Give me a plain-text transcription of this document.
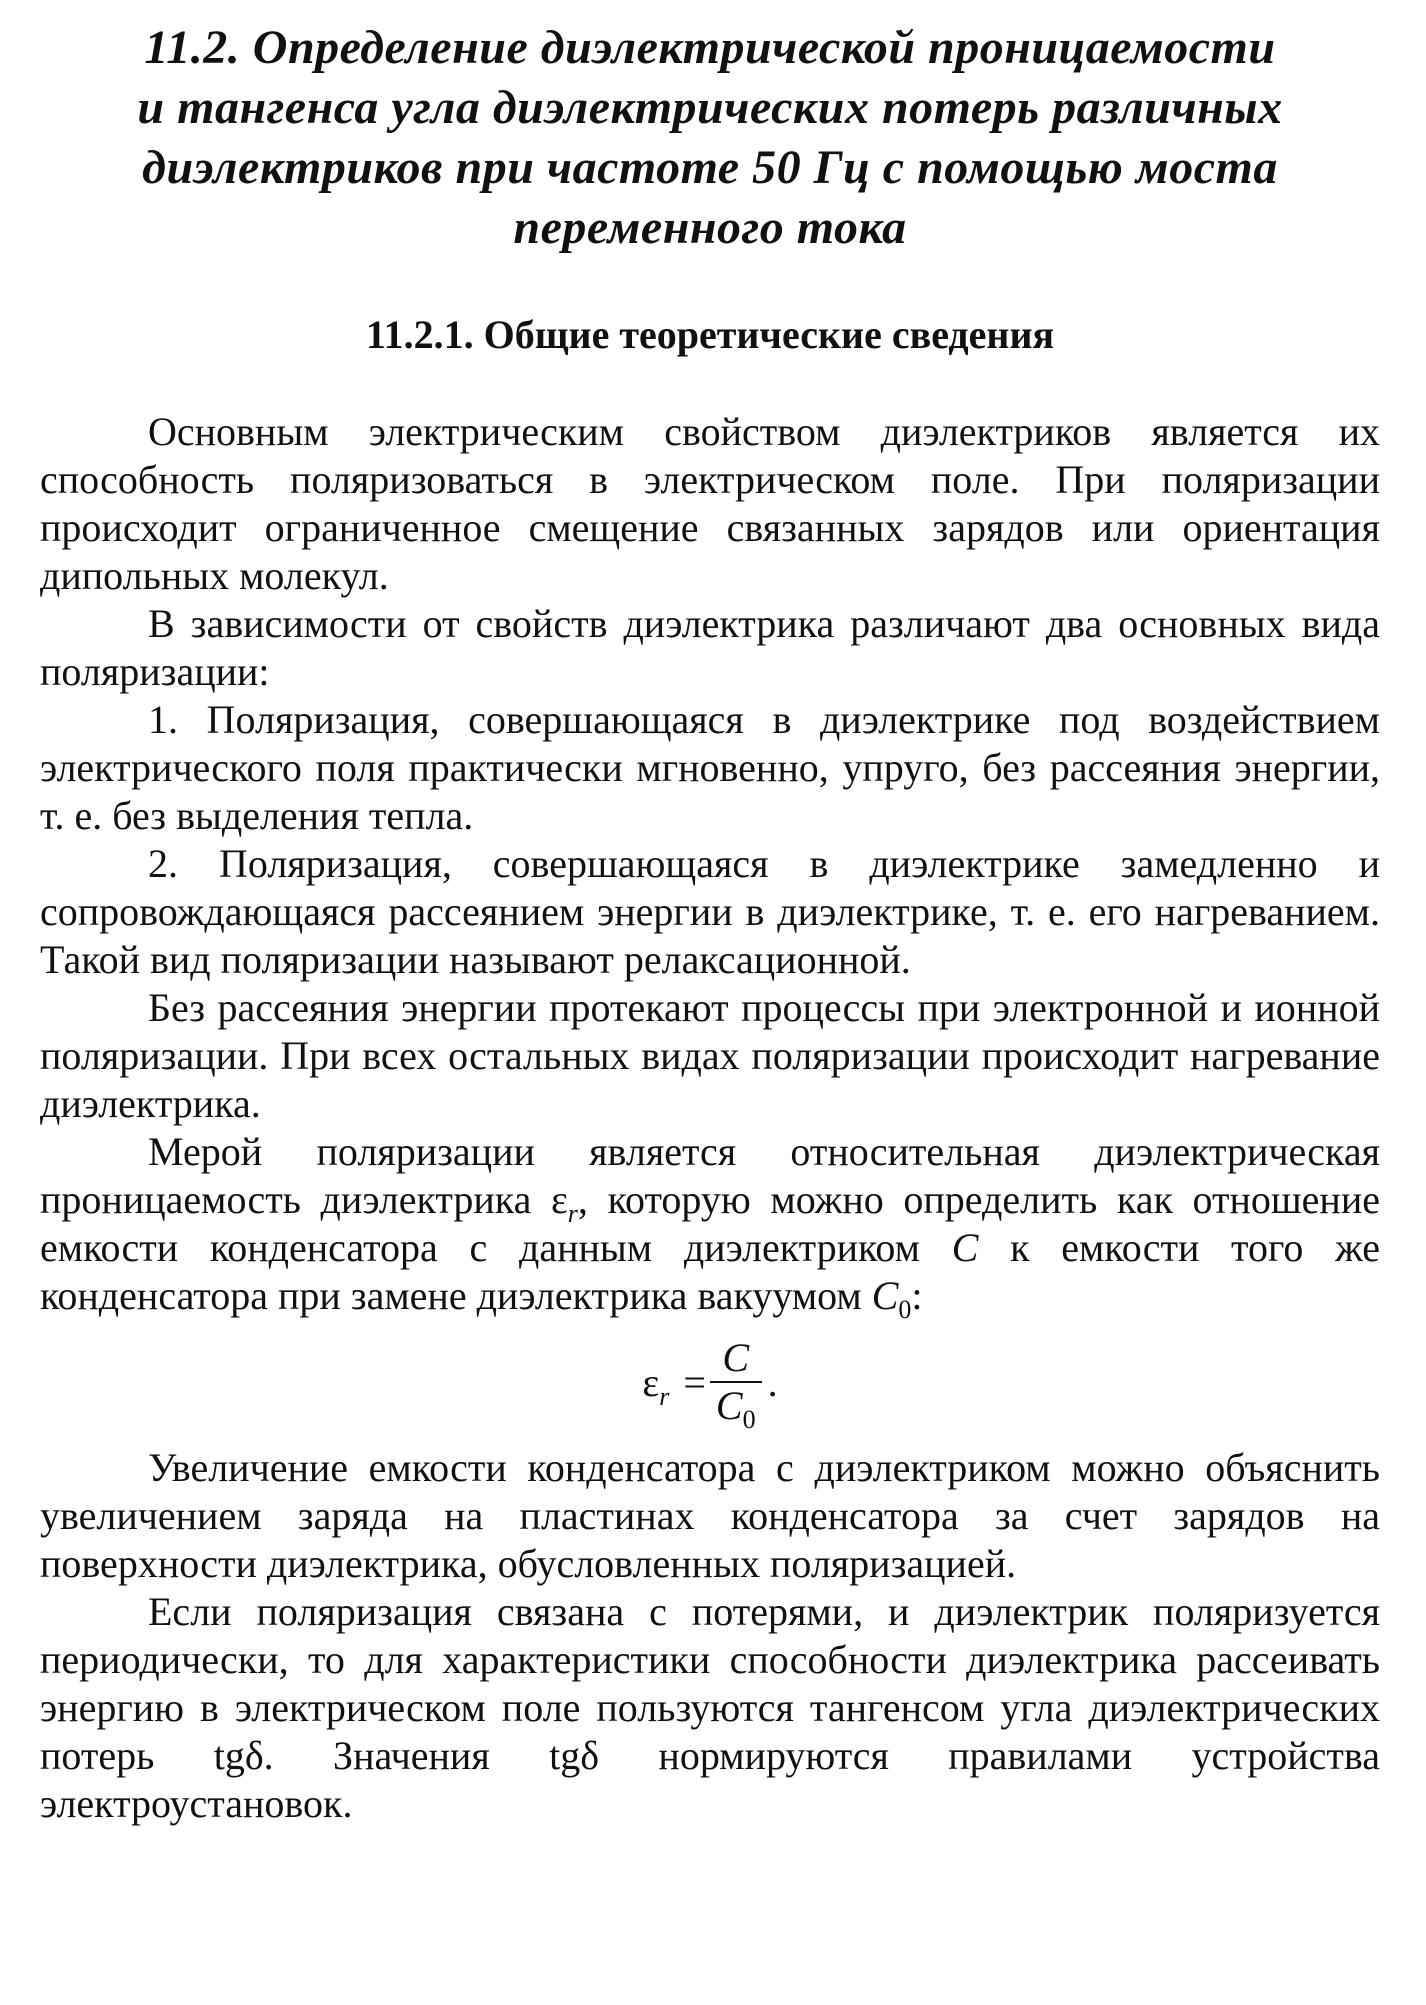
11.2. Определение диэлектрической проницаемости
и тангенса угла диэлектрических потерь различных
диэлектриков при частоте 50 Гц с помощью моста
переменного тока
11.2.1. Общие теоретические сведения

Основным электрическим свойством диэлектриков является их способность поляризоваться в электрическом поле. При поляризации происходит ограниченное смещение связанных зарядов или ориентация дипольных молекул.

В зависимости от свойств диэлектрика различают два основных вида поляризации:

1. Поляризация, совершающаяся в диэлектрике под воздействием электрического поля практически мгновенно, упруго, без рассеяния энергии, т. е. без выделения тепла.

2. Поляризация, совершающаяся в диэлектрике замедленно и сопровождающаяся рассеянием энергии в диэлектрике, т. е. его нагреванием. Такой вид поляризации называют релаксационной.

Без рассеяния энергии протекают процессы при электронной и ионной поляризации. При всех остальных видах поляризации происходит нагревание диэлектрика.

Мерой поляризации является относительная диэлектрическая проницаемость диэлектрика $\varepsilon_r$, которую можно определить как отношение емкости конденсатора с данным диэлектриком C к емкости того же конденсатора при замене диэлектрика вакуумом $C_0$:

$\varepsilon_r = \frac{C}{C_0}$ .

Увеличение емкости конденсатора с диэлектриком можно объяснить увеличением заряда на пластинах конденсатора за счет зарядов на поверхности диэлектрика, обусловленных поляризацией.

Если поляризация связана с потерями, и диэлектрик поляризуется периодически, то для характеристики способности диэлектрика рассеивать энергию в электрическом поле пользуются тангенсом угла диэлектрических потерь tgδ. Значения tgδ нормируются правилами устройства электроустановок.
